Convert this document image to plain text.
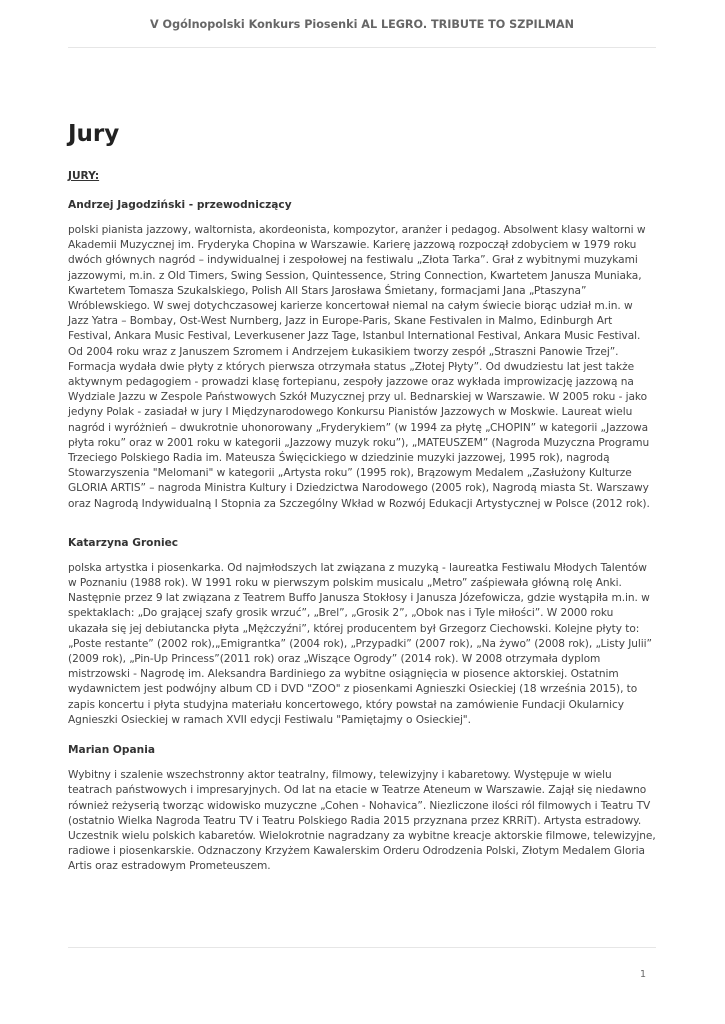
V Ogólnopolski Konkurs Piosenki AL LEGRO. TRIBUTE TO SZPILMAN
Jury
JURY:
Andrzej Jagodziński - przewodniczący

polski pianista jazzowy, waltornista, akordeonista, kompozytor, aranżer i pedagog. Absolwent klasy waltorni w Akademii Muzycznej im. Fryderyka Chopina w Warszawie. Karierę jazzową rozpoczął zdobyciem w 1979 roku dwóch głównych nagród – indywidualnej i zespołowej na festiwalu „Złota Tarka”. Grał z wybitnymi muzykami jazzowymi, m.in. z Old Timers, Swing Session, Quintessence, String Connection, Kwartetem Janusza Muniaka, Kwartetem Tomasza Szukalskiego, Polish All Stars Jarosława Śmietany, formacjami Jana „Ptaszyna” Wróblewskiego. W swej dotychczasowej karierze koncertował niemal na całym świecie biorąc udział m.in. w Jazz Yatra – Bombay, Ost-West Nurnberg, Jazz in Europe-Paris, Skane Festivalen in Malmo, Edinburgh Art Festival, Ankara Music Festival, Leverkusener Jazz Tage, Istanbul International Festival, Ankara Music Festival. Od 2004 roku wraz z Januszem Szromem i Andrzejem Łukasikiem tworzy zespół „Straszni Panowie Trzej”. Formacja wydała dwie płyty z których pierwsza otrzymała status „Złotej Płyty”. Od dwudziestu lat jest także aktywnym pedagogiem - prowadzi klasę fortepianu, zespoły jazzowe oraz wykłada improwizację jazzową na Wydziale Jazzu w Zespole Państwowych Szkół Muzycznej przy ul. Bednarskiej w Warszawie. W 2005 roku - jako jedyny Polak - zasiadał w jury I Międzynarodowego Konkursu Pianistów Jazzowych w Moskwie. Laureat wielu nagród i wyróżnień – dwukrotnie uhonorowany „Fryderykiem” (w 1994 za płytę „CHOPIN” w kategorii „Jazzowa płyta roku” oraz w 2001 roku w kategorii „Jazzowy muzyk roku”), „MATEUSZEM” (Nagroda Muzyczna Programu Trzeciego Polskiego Radia im. Mateusza Święcickiego w dziedzinie muzyki jazzowej, 1995 rok), nagrodą Stowarzyszenia "Melomani" w kategorii „Artysta roku” (1995 rok), Brązowym Medalem „Zasłużony Kulturze GLORIA ARTIS” – nagroda Ministra Kultury i Dziedzictwa Narodowego (2005 rok), Nagrodą miasta St. Warszawy oraz Nagrodą Indywidualną I Stopnia za Szczególny Wkład w Rozwój Edukacji Artystycznej w Polsce (2012 rok).

Katarzyna Groniec

polska artystka i piosenkarka. Od najmłodszych lat związana z muzyką - laureatka Festiwalu Młodych Talentów w Poznaniu (1988 rok). W 1991 roku w pierwszym polskim musicalu „Metro” zaśpiewała główną rolę Anki. Następnie przez 9 lat związana z Teatrem Buffo Janusza Stokłosy i Janusza Józefowicza, gdzie wystąpiła m.in. w spektaklach: „Do grającej szafy grosik wrzuć”, „Brel”, „Grosik 2”, „Obok nas i Tyle miłości”. W 2000 roku ukazała się jej debiutancka płyta „Mężczyźni”, której producentem był Grzegorz Ciechowski. Kolejne płyty to: „Poste restante” (2002 rok),„Emigrantka” (2004 rok), „Przypadki” (2007 rok), „Na żywo” (2008 rok), „Listy Julii” (2009 rok), „Pin-Up Princess”(2011 rok) oraz „Wiszące Ogrody” (2014 rok). W 2008 otrzymała dyplom mistrzowski - Nagrodę im. Aleksandra Bardiniego za wybitne osiągnięcia w piosence aktorskiej. Ostatnim wydawnictem jest podwójny album CD i DVD "ZOO" z piosenkami Agnieszki Osieckiej (18 września 2015), to zapis koncertu i płyta studyjna materiału koncertowego, który powstał na zamówienie Fundacji Okularnicy Agnieszki Osieckiej w ramach XVII edycji Festiwalu "Pamiętajmy o Osieckiej".

Marian Opania

Wybitny i szalenie wszechstronny aktor teatralny, filmowy, telewizyjny i kabaretowy. Występuje w wielu teatrach państwowych i impresaryjnych. Od lat na etacie w Teatrze Ateneum w Warszawie. Zajął się niedawno również reżyserią tworząc widowisko muzyczne „Cohen - Nohavica”. Niezliczone ilości ról filmowych i Teatru TV (ostatnio Wielka Nagroda Teatru TV i Teatru Polskiego Radia 2015 przyznana przez KRRiT). Artysta estradowy. Uczestnik wielu polskich kabaretów. Wielokrotnie nagradzany za wybitne kreacje aktorskie filmowe, telewizyjne, radiowe i piosenkarskie. Odznaczony Krzyżem Kawalerskim Orderu Odrodzenia Polski, Złotym Medalem Gloria Artis oraz estradowym Prometeuszem.

1
